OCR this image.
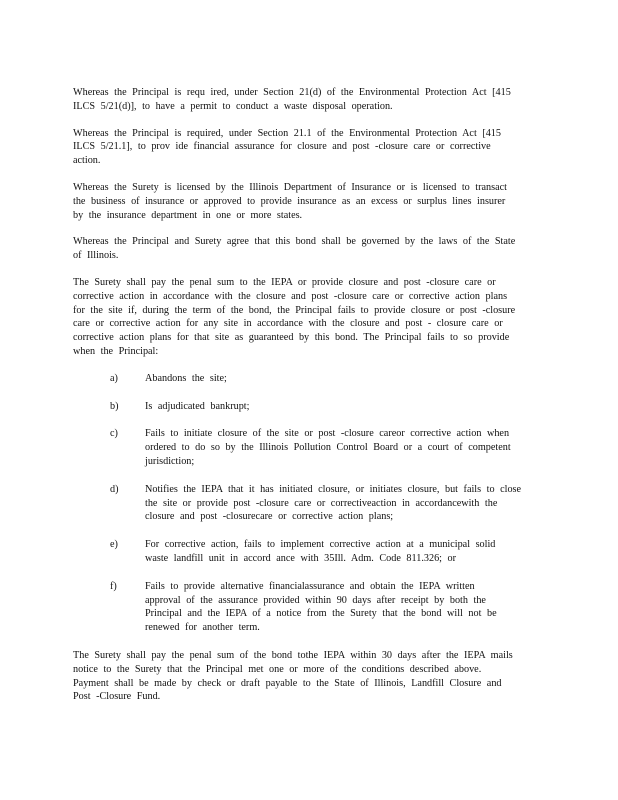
Whereas the Principal is requ ired, under Section 21(d) of the Environmental Protection Act [415
ILCS 5/21(d)], to have a permit to conduct a waste disposal operation.

Whereas the Principal is required, under Section 21.1 of the Environmental Protection Act [415
ILCS 5/21.1], to prov ide financial assurance for closure and post -closure care or corrective
action.

Whereas the Surety is licensed by the Illinois Department of Insurance or is licensed to transact
the business of insurance or approved to provide insurance as an excess or surplus lines insurer
by the insurance department in one or more states.

Whereas the Principal and Surety agree that this bond shall be governed by the laws of the State
of Illinois.

The Surety shall pay the penal sum to the IEPA or provide closure and post -closure care or
corrective action in accordance with the closure and post -closure care or corrective action plans
for the site if, during the term of the bond, the Principal fails to provide closure or post -closure
care or corrective action for any site in accordance with the closure and post - closure care or
corrective action plans for that site as guaranteed by this bond. The Principal fails to so provide
when the Principal:

a)	Abandons the site;
b)	Is adjudicated bankrupt;
c)	Fails to initiate closure of the site or post -closure careor corrective action when
ordered to do so by the Illinois Pollution Control Board or a court of competent
jurisdiction;
d)	Notifies the IEPA that it has initiated closure, or initiates closure, but fails to close
the site or provide post -closure care or correctiveaction in accordancewith the
closure and post -closurecare or corrective action plans;
e)	For corrective action, fails to implement corrective action at a municipal solid
waste landfill unit in accord ance with 35Ill. Adm. Code 811.326; or
f)	Fails to provide alternative financialassurance and obtain the IEPA written
approval of the assurance provided within 90 days after receipt by both the
Principal and the IEPA of a notice from the Surety that the bond will not be
renewed for another term.

The Surety shall pay the penal sum of the bond tothe IEPA within 30 days after the IEPA mails
notice to the Surety that the Principal met one or more of the conditions described above.
Payment shall be made by check or draft payable to the State of Illinois, Landfill Closure and
Post -Closure Fund.
